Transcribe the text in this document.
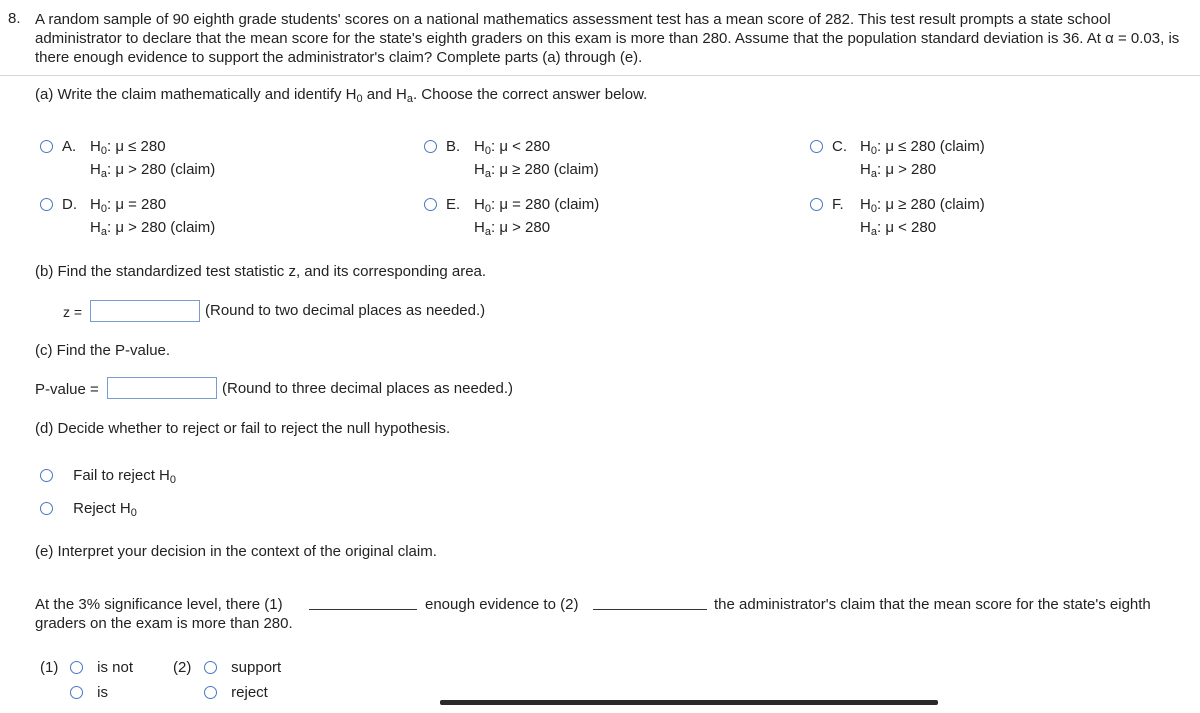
8. A random sample of 90 eighth grade students' scores on a national mathematics assessment test has a mean score of 282. This test result prompts a state school administrator to declare that the mean score for the state's eighth graders on this exam is more than 280. Assume that the population standard deviation is 36. At α = 0.03, is there enough evidence to support the administrator's claim? Complete parts (a) through (e).
(a) Write the claim mathematically and identify $H_0$ and $H_a$. Choose the correct answer below.
A. $H_0$: μ ≤ 280
$H_a$: μ > 280 (claim)
B. $H_0$: μ < 280
$H_a$: μ ≥ 280 (claim)
C. $H_0$: μ ≤ 280 (claim)
$H_a$: μ > 280
D. $H_0$: μ = 280
$H_a$: μ > 280 (claim)
E. $H_0$: μ = 280 (claim)
$H_a$: μ > 280
F. $H_0$: μ ≥ 280 (claim)
$H_a$: μ < 280
(b) Find the standardized test statistic z, and its corresponding area.
z =	(Round to two decimal places as needed.)
(c) Find the P-value.
P-value =	(Round to three decimal places as needed.)
(d) Decide whether to reject or fail to reject the null hypothesis.
Fail to reject $H_0$
Reject $H_0$
(e) Interpret your decision in the context of the original claim.
At the 3% significance level, there (1)	enough evidence to (2)	the administrator's claim that the mean score for the state's eighth
graders on the exam is more than 280.
(1)	is not
is
(2)	support
reject
